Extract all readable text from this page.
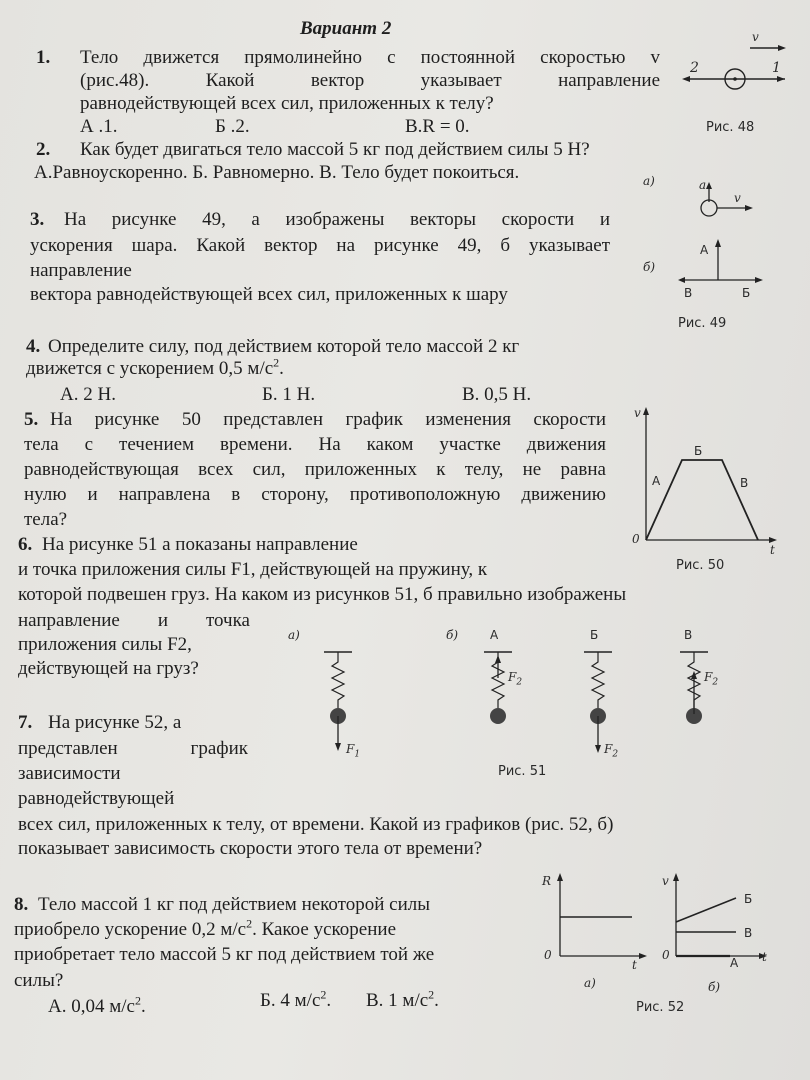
Вариант 2
1. Тело движется прямолинейно с постоянной скоростью v
(рис.48). Какой вектор указывает направление
равнодействующей всех сил, приложенных к телу?
А .1.	Б .2.	В.R = 0.
v
2	1
Рис. 48
2. Как будет двигаться тело массой 5 кг под действием силы 5 Н?
А.Равноускоренно. Б. Равномерно. В. Тело будет покоиться.	а)	a
v
б)
А
В	Б
Рис. 49
3. На рисунке 49, а изображены векторы скорости и
ускорения шара. Какой вектор на рисунке 49, б указывает
направление
вектора равнодействующей всех сил, приложенных к шару
4. Определите силу, под действием которой тело массой 2 кг
движется с ускорением 0,5 $м/с^2$.
А. 2 Н.	Б. 1 Н.	В. 0,5 Н.
5. На рисунке 50 представлен график изменения скорости
тела с течением времени. На каком участке движения
равнодействующая всех сил, приложенных к телу, не равна
нулю и направлена в сторону, противоположную движению
тела?
v
t
0
А
Б
В
Рис. 50
6. На рисунке 51 а показаны направление
и точка приложения силы F1, действующей на пружину, к
которой подвешен груз. На каком из рисунков 51, б правильно изображены
направление и точка
приложения силы F2,
действующей на груз?
а)	б)	А	Б	В
$F_1$
$F_2$
$F_2$
$F_2$
Рис. 51
7. На рисунке 52, а
представлен график
зависимости
равнодействующей
всех сил, приложенных к телу, от времени. Какой из графиков (рис. 52, б)
показывает зависимость скорости этого тела от времени?
8. Тело массой 1 кг под действием некоторой силы
приобрело ускорение 0,2 $м/с^2$. Какое ускорение
приобретает тело массой 5 кг под действием той же
силы?
А. 0,04 $м/с^2$.	Б. 4 $м/с^2$. В. 1 $м/с^2$.
R
0
t
а)
v
0	t
Б
В
А
б)
Рис. 52
